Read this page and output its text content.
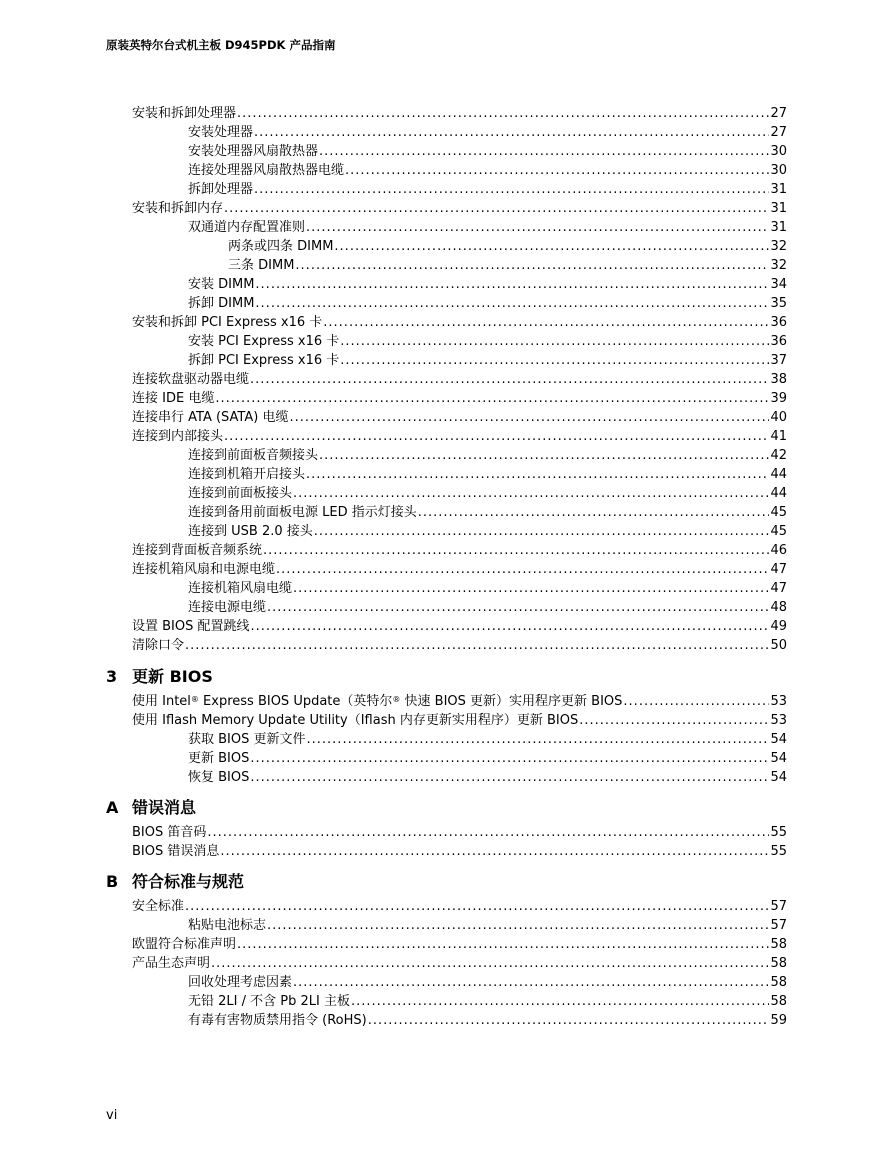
原装英特尔台式机主板 D945PDK 产品指南
安装和拆卸处理器 .....	27
安装处理器 .....	27
安装处理器风扇散热器 .....	30
连接处理器风扇散热器电缆 .....	30
拆卸处理器 .....	31
安装和拆卸内存 .....	31
双通道内存配置准则 .....	31
两条或四条 DIMM .....	32
三条 DIMM .....	32
安装 DIMM .....	34
拆卸 DIMM .....	35
安装和拆卸 PCI Express x16 卡 .....	36
安装 PCI Express x16 卡 .....	36
拆卸 PCI Express x16 卡 .....	37
连接软盘驱动器电缆 .....	38
连接 IDE 电缆 .....	39
连接串行 ATA (SATA) 电缆 .....	40
连接到内部接头 .....	41
连接到前面板音频接头 .....	42
连接到机箱开启接头 .....	44
连接到前面板接头 .....	44
连接到备用前面板电源 LED 指示灯接头 .....	45
连接到 USB 2.0 接头 .....	45
连接到背面板音频系统 .....	46
连接机箱风扇和电源电缆 .....	47
连接机箱风扇电缆 .....	47
连接电源电缆 .....	48
设置 BIOS 配置跳线 .....	49
清除口令 .....	50
3 更新 BIOS
使用 Intel® Express BIOS Update（英特尔® 快速 BIOS 更新）实用程序更新 BIOS .....	53
使用 Iflash Memory Update Utility（Iflash 内存更新实用程序）更新 BIOS .....	53
获取 BIOS 更新文件 .....	54
更新 BIOS .....	54
恢复 BIOS .....	54
A 错误消息
BIOS 笛音码 .....	55
BIOS 错误消息 .....	55
B 符合标准与规范
安全标准 .....	57
粘贴电池标志 .....	57
欧盟符合标准声明 .....	58
产品生态声明 .....	58
回收处理考虑因素 .....	58
无铅 2LI / 不含 Pb 2LI 主板 .....	58
有毒有害物质禁用指令 (RoHS) .....	59
vi
